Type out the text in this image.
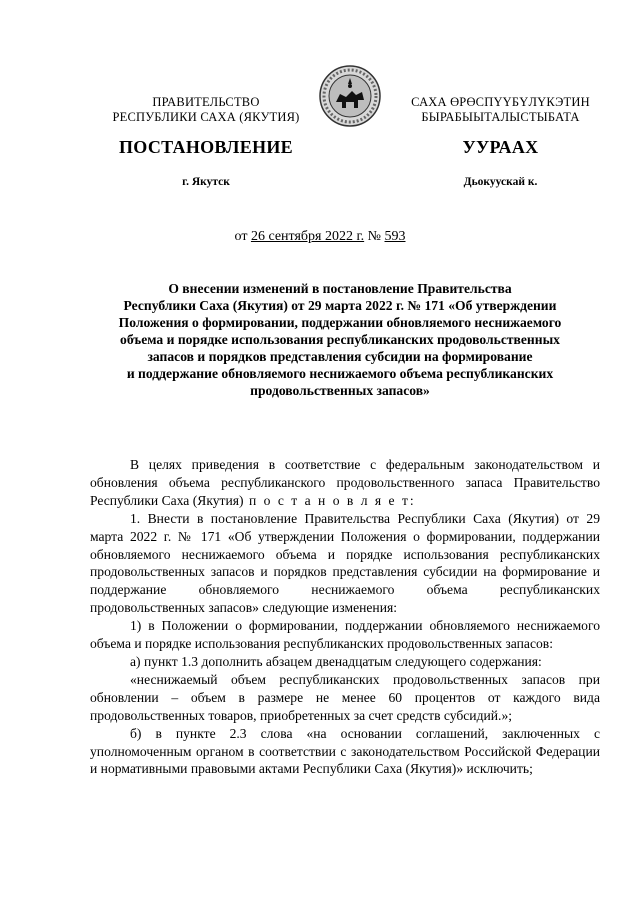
ПРАВИТЕЛЬСТВО
РЕСПУБЛИКИ САХА (ЯКУТИЯ)
САХА ӨРӨСПҮҮБҮЛҮКЭТИН
БЫРАБЫЫТАЛЫСТЫБАТА
ПОСТАНОВЛЕНИЕ	УУРААХ
г. Якутск	Дьокуускай к.
от 26 сентября 2022 г. № 593
О внесении изменений в постановление Правительства
Республики Саха (Якутия) от 29 марта 2022 г. № 171 «Об утверждении
Положения о формировании, поддержании обновляемого неснижаемого
объема и порядке использования республиканских продовольственных
запасов и порядков представления субсидии на формирование
и поддержание обновляемого неснижаемого объема республиканских
продовольственных запасов»

В целях приведения в соответствие с федеральным законодательством и обновления объема республиканского продовольственного запаса Правительство Республики Саха (Якутия) п о с т а н о в л я е т:

1. Внести в постановление Правительства Республики Саха (Якутия) от 29 марта 2022 г. № 171 «Об утверждении Положения о формировании, поддержании обновляемого неснижаемого объема и порядке использования республиканских продовольственных запасов и порядков представления субсидии на формирование и поддержание обновляемого неснижаемого объема республиканских продовольственных запасов» следующие изменения:

1) в Положении о формировании, поддержании обновляемого неснижаемого объема и порядке использования республиканских продовольственных запасов:

а) пункт 1.3 дополнить абзацем двенадцатым следующего содержания:

«неснижаемый объем республиканских продовольственных запасов при обновлении – объем в размере не менее 60 процентов от каждого вида продовольственных товаров, приобретенных за счет средств субсидий.»;

б) в пункте 2.3 слова «на основании соглашений, заключенных с уполномоченным органом в соответствии с законодательством Российской Федерации и нормативными правовыми актами Республики Саха (Якутия)» исключить;
